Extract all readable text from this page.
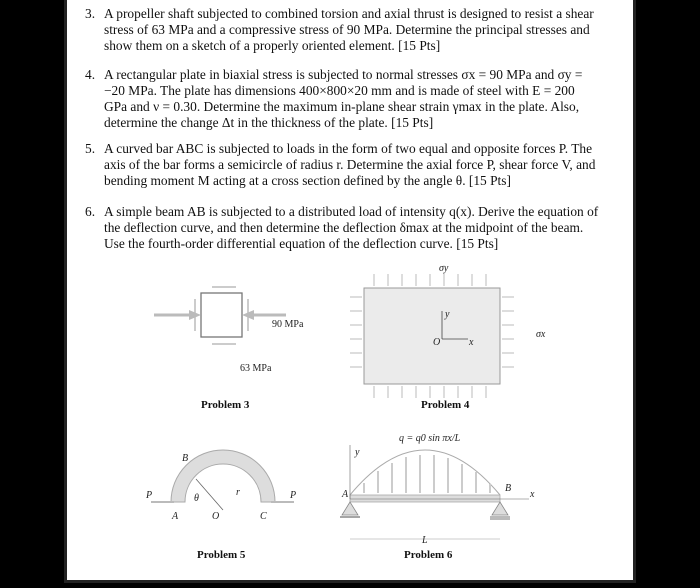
3. A propeller shaft subjected to combined torsion and axial thrust is designed to resist a shear
stress of 63 MPa and a compressive stress of 90 MPa. Determine the principal stresses and
show them on a sketch of a properly oriented element. [15 Pts]
4. A rectangular plate in biaxial stress is subjected to normal stresses σx = 90 MPa and σy =
−20 MPa. The plate has dimensions 400×800×20 mm and is made of steel with E = 200
GPa and ν = 0.30. Determine the maximum in-plane shear strain γmax in the plate. Also,
determine the change Δt in the thickness of the plate. [15 Pts]
5. A curved bar ABC is subjected to loads in the form of two equal and opposite forces P. The
axis of the bar forms a semicircle of radius r. Determine the axial force P, shear force V, and
bending moment M acting at a cross section defined by the angle θ. [15 Pts]
6. A simple beam AB is subjected to a distributed load of intensity q(x). Derive the equation of
the deflection curve, and then determine the deflection δmax at the midpoint of the beam.
Use the fourth-order differential equation of the deflection curve. [15 Pts]
90 MPa
63 MPa
y
x
O
σy
σx
P	P
A
B
C
O
θ
r
y
x
A
B
L
q = q0 sin πx/L
Problem 3	Problem 4
Problem 5	Problem 6
